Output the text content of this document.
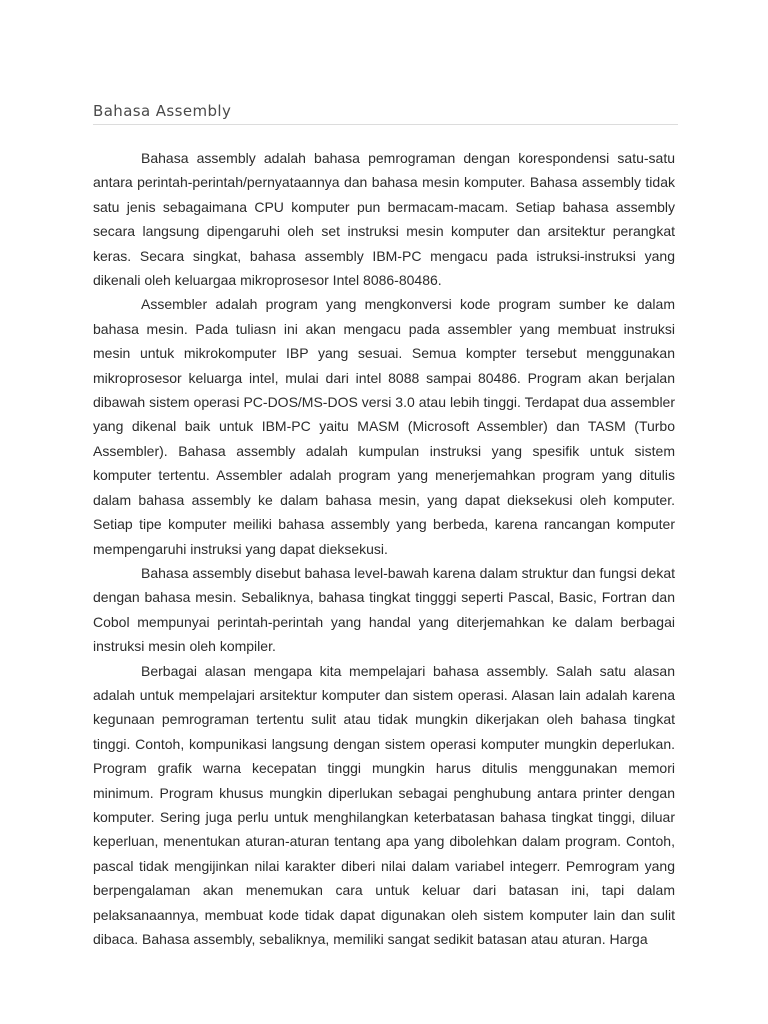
Bahasa Assembly

Bahasa assembly adalah bahasa pemrograman dengan korespondensi satu-satu antara perintah-perintah/pernyataannya dan bahasa mesin komputer. Bahasa assembly tidak satu jenis sebagaimana CPU komputer pun bermacam-macam. Setiap bahasa assembly secara langsung dipengaruhi oleh set instruksi mesin komputer dan arsitektur perangkat keras. Secara singkat, bahasa assembly IBM-PC mengacu pada istruksi-instruksi yang dikenali oleh keluargaa mikroprosesor Intel 8086-80486.

Assembler adalah program yang mengkonversi kode program sumber ke dalam bahasa mesin. Pada tuliasn ini akan mengacu pada assembler yang membuat instruksi mesin untuk mikrokomputer IBP yang sesuai. Semua kompter tersebut menggunakan mikroprosesor keluarga intel, mulai dari intel 8088 sampai 80486. Program akan berjalan dibawah sistem operasi PC-DOS/MS-DOS versi 3.0 atau lebih tinggi. Terdapat dua assembler yang dikenal baik untuk IBM-PC yaitu MASM (Microsoft Assembler) dan TASM (Turbo Assembler). Bahasa assembly adalah kumpulan instruksi yang spesifik untuk sistem komputer tertentu. Assembler adalah program yang menerjemahkan program yang ditulis dalam bahasa assembly ke dalam bahasa mesin, yang dapat dieksekusi oleh komputer. Setiap tipe komputer meiliki bahasa assembly yang berbeda, karena rancangan komputer mempengaruhi instruksi yang dapat dieksekusi.

Bahasa assembly disebut bahasa level-bawah karena dalam struktur dan fungsi dekat dengan bahasa mesin. Sebaliknya, bahasa tingkat tingggi seperti Pascal, Basic, Fortran dan Cobol mempunyai perintah-perintah yang handal yang diterjemahkan ke dalam berbagai instruksi mesin oleh kompiler.

Berbagai alasan mengapa kita mempelajari bahasa assembly. Salah satu alasan adalah untuk mempelajari arsitektur komputer dan sistem operasi. Alasan lain adalah karena kegunaan pemrograman tertentu sulit atau tidak mungkin dikerjakan oleh bahasa tingkat tinggi. Contoh, kompunikasi langsung dengan sistem operasi komputer mungkin deperlukan. Program grafik warna kecepatan tinggi mungkin harus ditulis menggunakan memori minimum. Program khusus mungkin diperlukan sebagai penghubung antara printer dengan komputer. Sering juga perlu untuk menghilangkan keterbatasan bahasa tingkat tinggi, diluar keperluan, menentukan aturan-aturan tentang apa yang dibolehkan dalam program. Contoh, pascal tidak mengijinkan nilai karakter diberi nilai dalam variabel integerr. Pemrogram yang berpengalaman akan menemukan cara untuk keluar dari batasan ini, tapi dalam pelaksanaannya, membuat kode tidak dapat digunakan oleh sistem komputer lain dan sulit dibaca. Bahasa assembly, sebaliknya, memiliki sangat sedikit batasan atau aturan. Harga
